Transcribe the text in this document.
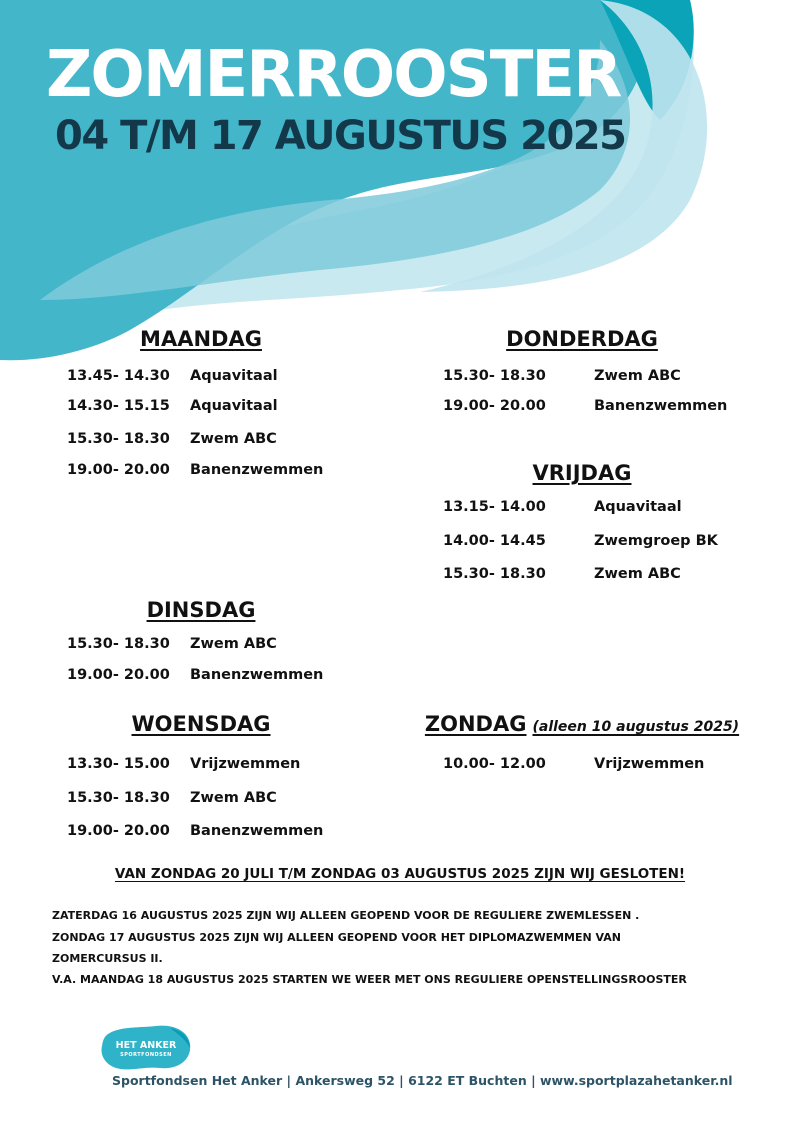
ZOMERROOSTER
04 T/M 17 AUGUSTUS 2025
MAANDAG
13.45- 14.30 Aquavitaal
14.30- 15.15 Aquavitaal
15.30- 18.30 Zwem ABC
19.00- 20.00 Banenzwemmen
DINSDAG
15.30- 18.30 Zwem ABC
19.00- 20.00 Banenzwemmen
WOENSDAG
13.30- 15.00 Vrijzwemmen
15.30- 18.30 Zwem ABC
19.00- 20.00 Banenzwemmen
DONDERDAG
15.30- 18.30	Zwem ABC
19.00- 20.00	Banenzwemmen
VRIJDAG
13.15- 14.00	Aquavitaal
14.00- 14.45	Zwemgroep BK
15.30- 18.30	Zwem ABC
ZONDAG (alleen 10 augustus 2025)
10.00- 12.00	Vrijzwemmen
VAN ZONDAG 20 JULI T/M ZONDAG 03 AUGUSTUS 2025 ZIJN WIJ GESLOTEN!
ZATERDAG 16 AUGUSTUS 2025 ZIJN WIJ ALLEEN GEOPEND VOOR DE REGULIERE ZWEMLESSEN .
ZONDAG 17 AUGUSTUS 2025 ZIJN WIJ ALLEEN GEOPEND VOOR HET DIPLOMAZWEMMEN VAN
ZOMERCURSUS II.
V.A. MAANDAG 18 AUGUSTUS 2025 STARTEN WE WEER MET ONS REGULIERE OPENSTELLINGSROOSTER
HET ANKER
SPORTFONDSEN
Sportfondsen Het Anker | Ankersweg 52 | 6122 ET Buchten | www.sportplazahetanker.nl
